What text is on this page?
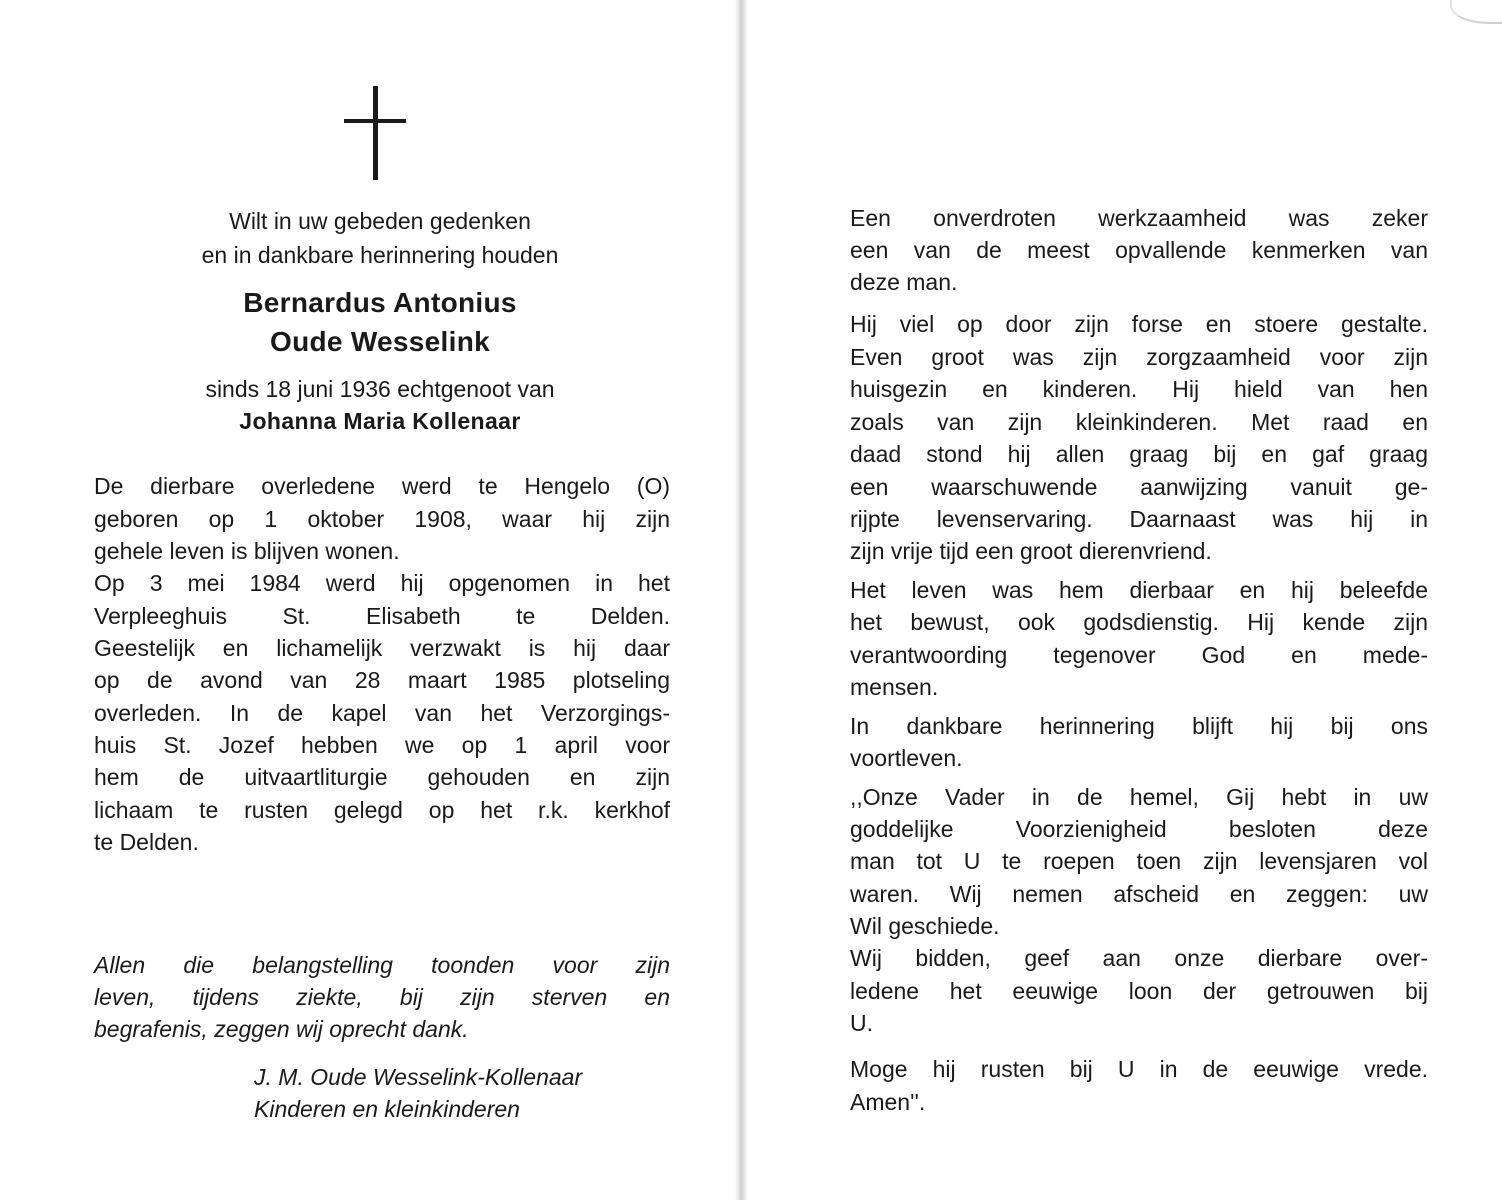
Wilt in uw gebeden gedenken
en in dankbare herinnering houden
Bernardus Antonius
Oude Wesselink
sinds 18 juni 1936 echtgenoot van
Johanna Maria Kollenaar
De dierbare overledene werd te Hengelo (O)
geboren op 1 oktober 1908, waar hij zijn
gehele leven is blijven wonen.
Op 3 mei 1984 werd hij opgenomen in het
Verpleeghuis St. Elisabeth te Delden.
Geestelijk en lichamelijk verzwakt is hij daar
op de avond van 28 maart 1985 plotseling
overleden. In de kapel van het Verzorgings-
huis St. Jozef hebben we op 1 april voor
hem de uitvaartliturgie gehouden en zijn
lichaam te rusten gelegd op het r.k. kerkhof
te Delden.
Allen die belangstelling toonden voor zijn
leven, tijdens ziekte, bij zijn sterven en
begrafenis, zeggen wij oprecht dank.
J. M. Oude Wesselink-Kollenaar
Kinderen en kleinkinderen
Een onverdroten werkzaamheid was zeker
een van de meest opvallende kenmerken van
deze man.
Hij viel op door zijn forse en stoere gestalte.
Even groot was zijn zorgzaamheid voor zijn
huisgezin en kinderen. Hij hield van hen
zoals van zijn kleinkinderen. Met raad en
daad stond hij allen graag bij en gaf graag
een waarschuwende aanwijzing vanuit ge-
rijpte levenservaring. Daarnaast was hij in
zijn vrije tijd een groot dierenvriend.
Het leven was hem dierbaar en hij beleefde
het bewust, ook godsdienstig. Hij kende zijn
verantwoording tegenover God en mede-
mensen.
In dankbare herinnering blijft hij bij ons
voortleven.
,,Onze Vader in de hemel, Gij hebt in uw
goddelijke Voorzienigheid besloten deze
man tot U te roepen toen zijn levensjaren vol
waren. Wij nemen afscheid en zeggen: uw
Wil geschiede.
Wij bidden, geef aan onze dierbare over-
ledene het eeuwige loon der getrouwen bij
U.
Moge hij rusten bij U in de eeuwige vrede.
Amen''.
